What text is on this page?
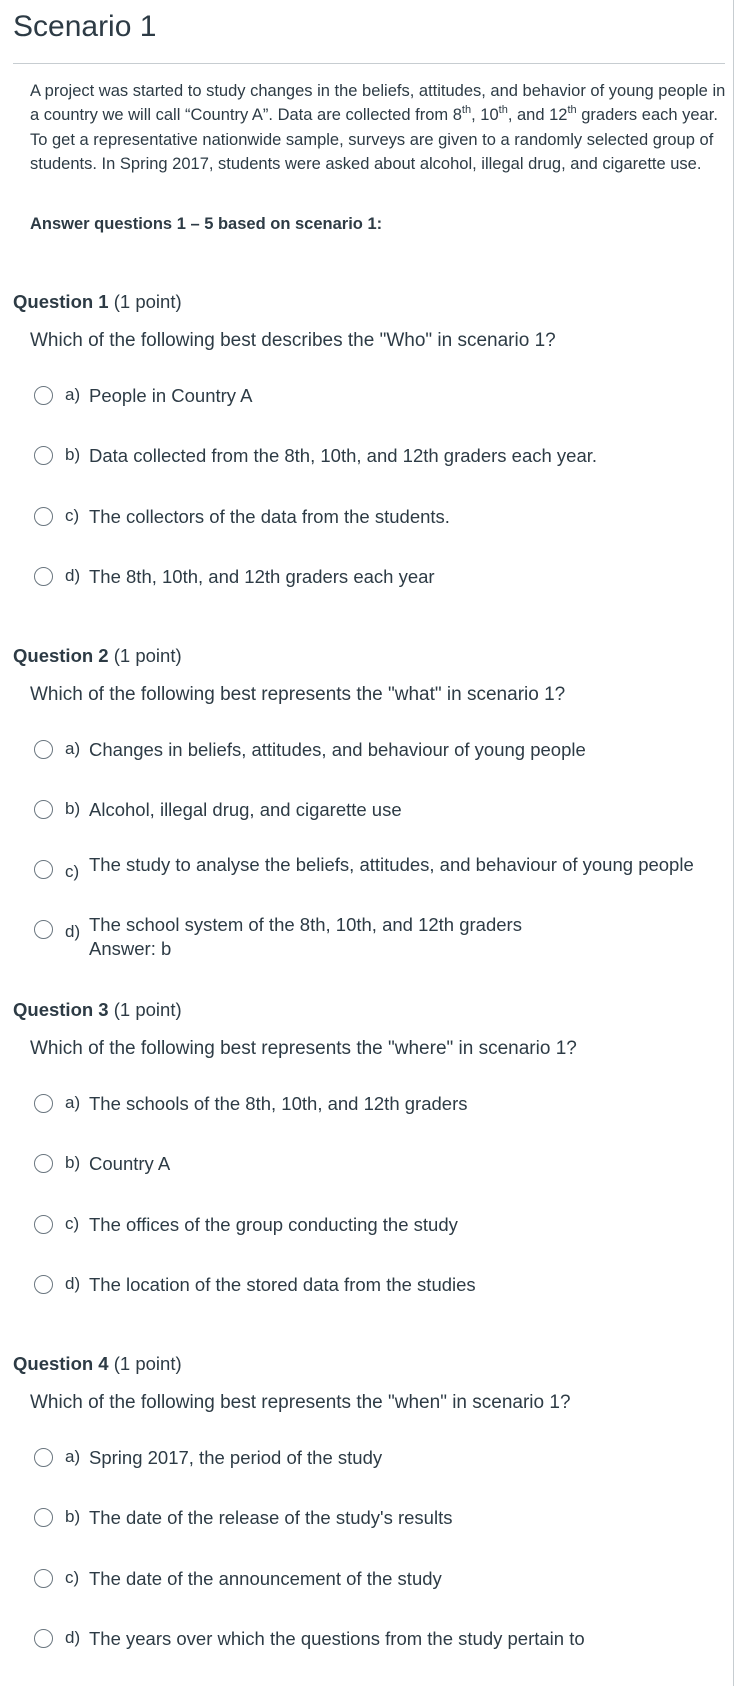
Scenario 1
A project was started to study changes in the beliefs, attitudes, and behavior of young people in a country we will call “Country A”. Data are collected from 8th, 10th, and 12th graders each year. To get a representative nationwide sample, surveys are given to a randomly selected group of students. In Spring 2017, students were asked about alcohol, illegal drug, and cigarette use.
Answer questions 1 – 5 based on scenario 1:
Question 1 (1 point)
Which of the following best describes the "Who" in scenario 1?
a) People in Country A
b) Data collected from the 8th, 10th, and 12th graders each year.
c) The collectors of the data from the students.
d) The 8th, 10th, and 12th graders each year
Question 2 (1 point)
Which of the following best represents the "what" in scenario 1?
a) Changes in beliefs, attitudes, and behaviour of young people
b) Alcohol, illegal drug, and cigarette use
c) The study to analyse the beliefs, attitudes, and behaviour of young people
d) The school system of the 8th, 10th, and 12th graders
Answer: b
Question 3 (1 point)
Which of the following best represents the "where" in scenario 1?
a) The schools of the 8th, 10th, and 12th graders
b) Country A
c) The offices of the group conducting the study
d) The location of the stored data from the studies
Question 4 (1 point)
Which of the following best represents the "when" in scenario 1?
a) Spring 2017, the period of the study
b) The date of the release of the study's results
c) The date of the announcement of the study
d) The years over which the questions from the study pertain to
